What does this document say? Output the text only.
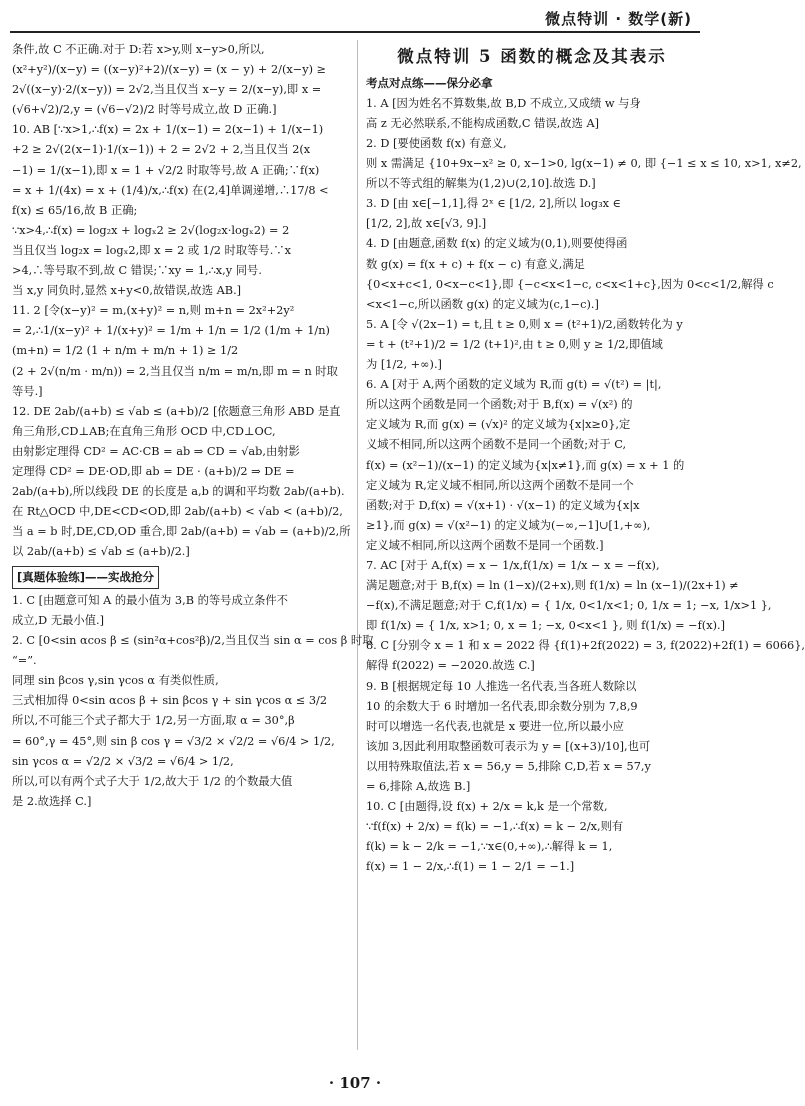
微点特训 · 数学(新)
条件,故 C 不正确.对于 D:若 x>y,则 x−y>0,所以,
(x²+y²)/(x−y) = ((x−y)²+2)/(x−y) = (x − y) + 2/(x−y) ≥
2√((x−y)·2/(x−y)) = 2√2,当且仅当 x−y = 2/(x−y),即 x =
(√6+√2)/2,y = (√6−√2)/2 时等号成立,故 D 正确.]
10. AB [∵x>1,∴f(x) = 2x + 1/(x−1) = 2(x−1) + 1/(x−1)
+2 ≥ 2√(2(x−1)·1/(x−1)) + 2 = 2√2 + 2,当且仅当 2(x
−1) = 1/(x−1),即 x = 1 + √2/2 时取等号,故 A 正确;∵f(x)
= x + 1/(4x) = x + (1/4)/x,∴f(x) 在(2,4]单调递增,∴17/8 <
f(x) ≤ 65/16,故 B 正确;
∵x>4,∴f(x) = log₂x + logₓ2 ≥ 2√(log₂x·logₓ2) = 2
当且仅当 log₂x = logₓ2,即 x = 2 或 1/2 时取等号.∵x
>4,∴等号取不到,故 C 错误;∵xy = 1,∴x,y 同号.
当 x,y 同负时,显然 x+y<0,故错误,故选 AB.]
11. 2 [令(x−y)² = m,(x+y)² = n,则 m+n = 2x²+2y²
= 2,∴1/(x−y)² + 1/(x+y)² = 1/m + 1/n = 1/2 (1/m + 1/n)
(m+n) = 1/2 (1 + n/m + m/n + 1) ≥ 1/2
(2 + 2√(n/m · m/n)) = 2,当且仅当 n/m = m/n,即 m = n 时取
等号.]
12. DE 2ab/(a+b) ≤ √ab ≤ (a+b)/2 [依题意三角形 ABD 是直
角三角形,CD⊥AB;在直角三角形 OCD 中,CD⊥OC,
由射影定理得 CD² = AC·CB = ab ⇒ CD = √ab,由射影
定理得 CD² = DE·OD,即 ab = DE · (a+b)/2 ⇒ DE =
2ab/(a+b),所以线段 DE 的长度是 a,b 的调和平均数 2ab/(a+b).
在 Rt△OCD 中,DE<CD<OD,即 2ab/(a+b) < √ab < (a+b)/2,
当 a = b 时,DE,CD,OD 重合,即 2ab/(a+b) = √ab = (a+b)/2,所
以 2ab/(a+b) ≤ √ab ≤ (a+b)/2.]
[真题体验练]——实战抢分
1. C [由题意可知 A 的最小值为 3,B 的等号成立条件不
成立,D 无最小值.]
2. C [0<sin αcos β ≤ (sin²α+cos²β)/2,当且仅当 sin α = cos β 时取
“=”.
同理 sin βcos γ,sin γcos α 有类似性质,
三式相加得 0<sin αcos β + sin βcos γ + sin γcos α ≤ 3/2
所以,不可能三个式子都大于 1/2,另一方面,取 α = 30°,β
= 60°,γ = 45°,则 sin β cos γ = √3/2 × √2/2 = √6/4 > 1/2,
sin γcos α = √2/2 × √3/2 = √6/4 > 1/2,
所以,可以有两个式子大于 1/2,故大于 1/2 的个数最大值
是 2.故选择 C.]
微点特训 5 函数的概念及其表示
考点对点练——保分必拿
1. A [因为姓名不算数集,故 B,D 不成立,又成绩 w 与身
高 z 无必然联系,不能构成函数,C 错误,故选 A]
2. D [要使函数 f(x) 有意义,
则 x 需满足 {10+9x−x² ≥ 0, x−1>0, lg(x−1) ≠ 0, 即 {−1 ≤ x ≤ 10, x>1, x≠2,
所以不等式组的解集为(1,2)∪(2,10].故选 D.]
3. D [由 x∈[−1,1],得 2ˣ ∈ [1/2, 2],所以 log₃x ∈
[1/2, 2],故 x∈[√3, 9].]
4. D [由题意,函数 f(x) 的定义域为(0,1),则要使得函
数 g(x) = f(x + c) + f(x − c) 有意义,满足
{0<x+c<1, 0<x−c<1},即 {−c<x<1−c, c<x<1+c},因为 0<c<1/2,解得 c
<x<1−c,所以函数 g(x) 的定义域为(c,1−c).]
5. A [令 √(2x−1) = t,且 t ≥ 0,则 x = (t²+1)/2,函数转化为 y
= t + (t²+1)/2 = 1/2 (t+1)²,由 t ≥ 0,则 y ≥ 1/2,即值域
为 [1/2, +∞).]
6. A [对于 A,两个函数的定义域为 R,而 g(t) = √(t²) = |t|,
所以这两个函数是同一个函数;对于 B,f(x) = √(x²) 的
定义域为 R,而 g(x) = (√x)² 的定义域为{x|x≥0},定
义域不相同,所以这两个函数不是同一个函数;对于 C,
f(x) = (x²−1)/(x−1) 的定义域为{x|x≠1},而 g(x) = x + 1 的
定义域为 R,定义域不相同,所以这两个函数不是同一个
函数;对于 D,f(x) = √(x+1) · √(x−1) 的定义域为{x|x
≥1},而 g(x) = √(x²−1) 的定义域为(−∞,−1]∪[1,+∞),
定义域不相同,所以这两个函数不是同一个函数.]
7. AC [对于 A,f(x) = x − 1/x,f(1/x) = 1/x − x = −f(x),
满足题意;对于 B,f(x) = ln (1−x)/(2+x),则 f(1/x) = ln (x−1)/(2x+1) ≠
−f(x),不满足题意;对于 C,f(1/x) = { 1/x, 0<1/x<1; 0, 1/x = 1; −x, 1/x>1 },
即 f(1/x) = { 1/x, x>1; 0, x = 1; −x, 0<x<1 }, 则 f(1/x) = −f(x).]
8. C [分别令 x = 1 和 x = 2022 得 {f(1)+2f(2022) = 3, f(2022)+2f(1) = 6066},
解得 f(2022) = −2020.故选 C.]
9. B [根据规定每 10 人推选一名代表,当各班人数除以
10 的余数大于 6 时增加一名代表,即余数分别为 7,8,9
时可以增选一名代表,也就是 x 要进一位,所以最小应
该加 3,因此利用取整函数可表示为 y = [(x+3)/10],也可
以用特殊取值法,若 x = 56,y = 5,排除 C,D,若 x = 57,y
= 6,排除 A,故选 B.]
10. C [由题得,设 f(x) + 2/x = k,k 是一个常数,
∵f(f(x) + 2/x) = f(k) = −1,∴f(x) = k − 2/x,则有
f(k) = k − 2/k = −1,∵x∈(0,+∞),∴解得 k = 1,
f(x) = 1 − 2/x,∴f(1) = 1 − 2/1 = −1.]
· 107 ·
